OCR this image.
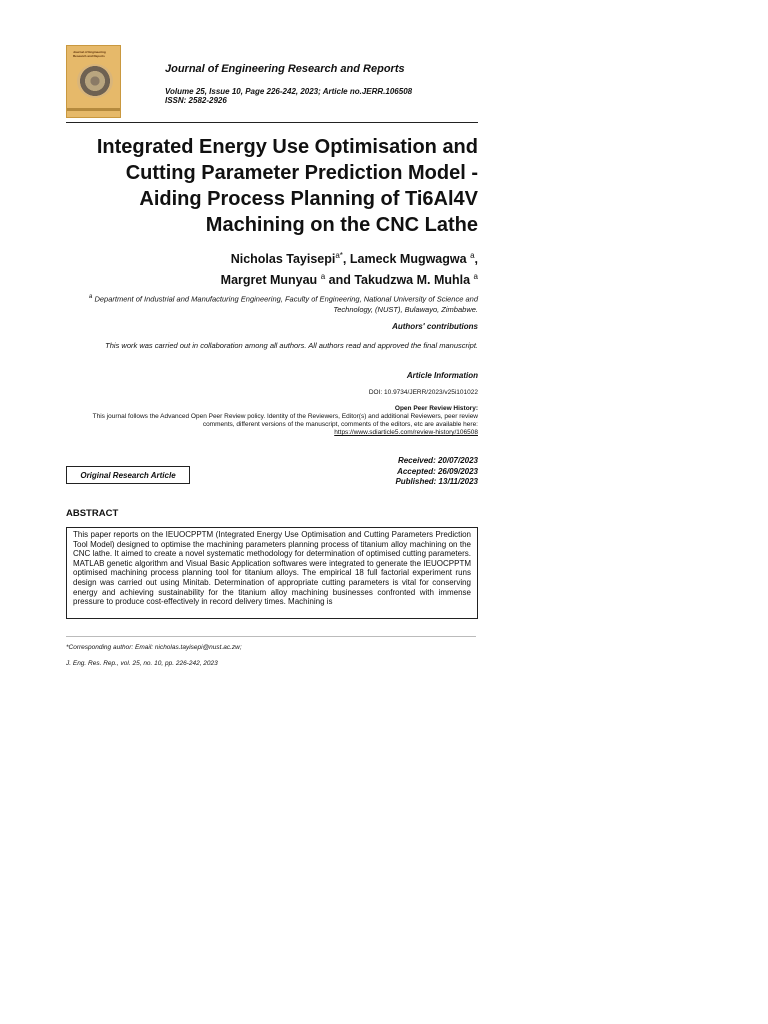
Journal of Engineering Research and Reports
Journal of Engineering Research and Reports
Volume 25, Issue 10, Page 226-242, 2023; Article no.JERR.106508
ISSN: 2582-2926
Integrated Energy Use Optimisation and Cutting Parameter Prediction Model - Aiding Process Planning of Ti6Al4V Machining on the CNC Lathe
Nicholas Tayisepi$^{a*}$, Lameck Mugwagwa $^a$,
Margret Munyau $^a$ and Takudzwa M. Muhla $^a$
$^a$ Department of Industrial and Manufacturing Engineering, Faculty of Engineering, National University of Science and Technology, (NUST), Bulawayo, Zimbabwe.
Authors' contributions
This work was carried out in collaboration among all authors. All authors read and approved the final manuscript.
Article Information
DOI: 10.9734/JERR/2023/v25i101022
Open Peer Review History:
This journal follows the Advanced Open Peer Review policy. Identity of the Reviewers, Editor(s) and additional Reviewers, peer review comments, different versions of the manuscript, comments of the editors, etc are available here:
https://www.sdiarticle5.com/review-history/106508
Original Research Article
Received: 20/07/2023
Accepted: 26/09/2023
Published: 13/11/2023
ABSTRACT
This paper reports on the IEUOCPPTM (Integrated Energy Use Optimisation and Cutting Parameters Prediction Tool Model) designed to optimise the machining parameters planning process of titanium alloy machining on the CNC lathe. It aimed to create a novel systematic methodology for determination of optimised cutting parameters. MATLAB genetic algorithm and Visual Basic Application softwares were integrated to generate the IEUOCPPTM optimised machining process planning tool for titanium alloys. The empirical 18 full factorial experiment runs design was carried out using Minitab. Determination of appropriate cutting parameters is vital for conserving energy and achieving sustainability for the titanium alloy machining businesses confronted with immense pressure to produce cost-effectively in record delivery times. Machining is
*Corresponding author: Email: nicholas.tayisepi@nust.ac.zw;
J. Eng. Res. Rep., vol. 25, no. 10, pp. 226-242, 2023
